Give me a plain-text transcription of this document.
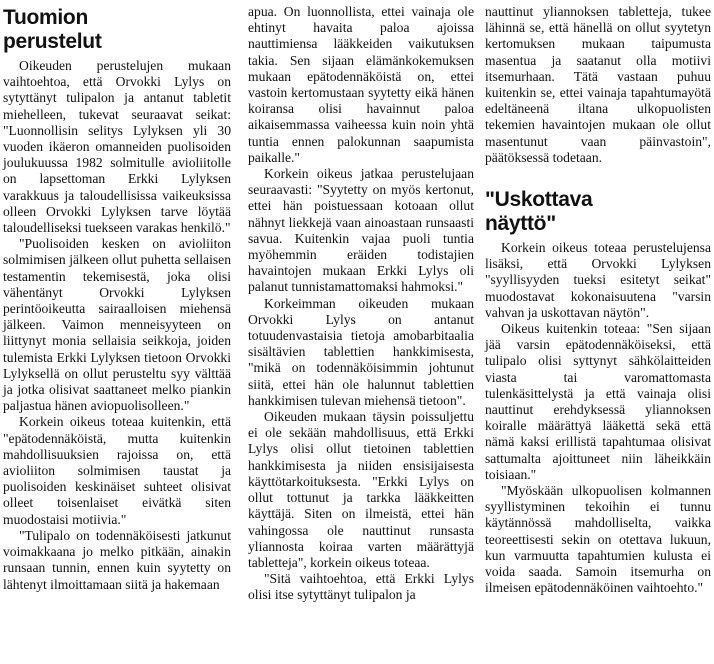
Tuomion
perustelut

Oikeuden perustelujen mukaan vaihtoehtoa, että Orvokki Lylys on sytyttänyt tulipalon ja antanut tabletit miehelleen, tukevat seuraavat seikat: "Luonnollisin selitys Lylyksen yli 30 vuoden ikäeron omanneiden puolisoiden joulukuussa 1982 solmitulle avioliitolle on lapsettoman Erkki Lylyksen varakkuus ja taloudellisissa vaikeuksissa olleen Orvokki Lylyksen tarve löytää taloudelliseksi tuekseen varakas henkilö."

"Puolisoiden kesken on avioliiton solmimisen jälkeen ollut puhetta sellaisen testamentin tekemisestä, joka olisi vähentänyt Orvokki Lylyksen perintöoikeutta sairaalloisen miehensä jälkeen. Vaimon menneisyyteen on liittynyt monia sellaisia seikkoja, joiden tulemista Erkki Lylyksen tietoon Orvokki Lylyksellä on ollut perusteltu syy välttää ja jotka olisivat saattaneet melko piankin paljastua hänen aviopuolisolleen."

Korkein oikeus toteaa kuitenkin, että "epätodennäköistä, mutta kuitenkin mahdollisuuksien rajoissa on, että avioliiton solmimisen taustat ja puolisoiden keskinäiset suhteet olisivat olleet toisenlaiset eivätkä siten muodostaisi motiivia."

"Tulipalo on todennäköisesti jatkunut voimakkaana jo melko pitkään, ainakin runsaan tunnin, ennen kuin syytetty on lähtenyt ilmoittamaan siitä ja hakemaan

apua. On luonnollista, ettei vainaja ole ehtinyt havaita paloa ajoissa nauttimiensa lääkkeiden vaikutuksen takia. Sen sijaan elämänkokemuksen mukaan epätodennäköistä on, ettei vastoin kertomustaan syytetty eikä hänen koiransa olisi havainnut paloa aikaisemmassa vaiheessa kuin noin yhtä tuntia ennen palokunnan saapumista paikalle."

Korkein oikeus jatkaa perustelujaan seuraavasti: "Syytetty on myös kertonut, ettei hän poistuessaan kotoaan ollut nähnyt liekkejä vaan ainoastaan runsaasti savua. Kuitenkin vajaa puoli tuntia myöhemmin eräiden todistajien havaintojen mukaan Erkki Lylys oli palanut tunnistamattomaksi hahmoksi."

Korkeimman oikeuden mukaan Orvokki Lylys on antanut totuudenvastaisia tietoja amobarbitaalia sisältävien tablettien hankkimisesta, "mikä on todennäköisimmin johtunut siitä, ettei hän ole halunnut tablettien hankkimisen tulevan miehensä tietoon".

Oikeuden mukaan täysin poissuljettu ei ole sekään mahdollisuus, että Erkki Lylys olisi ollut tietoinen tablettien hankkimisesta ja niiden ensisijaisesta käyttötarkoituksesta. "Erkki Lylys on ollut tottunut ja tarkka lääkkeitten käyttäjä. Siten on ilmeistä, ettei hän vahingossa ole nauttinut runsasta yliannosta koiraa varten määrättyjä tabletteja", korkein oikeus toteaa.

"Sitä vaihtoehtoa, että Erkki Lylys olisi itse sytyttänyt tulipalon ja

nauttinut yliannoksen tabletteja, tukee lähinnä se, että hänellä on ollut syytetyn kertomuksen mukaan taipumusta masentua ja saatanut olla motiivi itsemurhaan. Tätä vastaan puhuu kuitenkin se, ettei vainaja tapahtumayötä edeltäneenä iltana ulkopuolisten tekemien havaintojen mukaan ole ollut masentunut vaan päinvastoin", päätöksessä todetaan.

"Uskottava
näyttö"

Korkein oikeus toteaa perustelujensa lisäksi, että Orvokki Lylyksen "syyllisyyden tueksi esitetyt seikat" muodostavat kokonaisuutena "varsin vahvan ja uskottavan näytön".

Oikeus kuitenkin toteaa: "Sen sijaan jää varsin epätodennäköiseksi, että tulipalo olisi syttynyt sähkölaitteiden viasta tai varomattomasta tulenkäsittelystä ja että vainaja olisi nauttinut erehdyksessä yliannoksen koiralle määrättyä lääkettä sekä että nämä kaksi erillistä tapahtumaa olisivat sattumalta ajoittuneet niin läheikkäin toisiaan."

"Myöskään ulkopuolisen kolmannen syyllistyminen tekoihin ei tunnu käytännössä mahdolliselta, vaikka teoreettisesti sekin on otettava lukuun, kun varmuutta tapahtumien kulusta ei voida saada. Samoin itsemurha on ilmeisen epätodennäköinen vaihtoehto."
